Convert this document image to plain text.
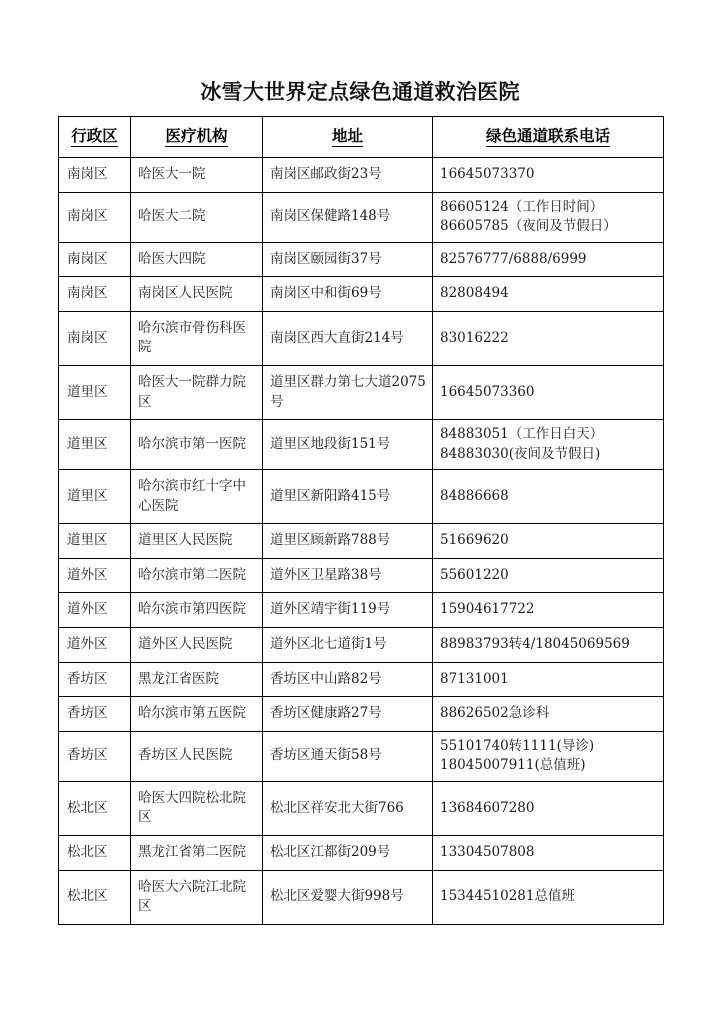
冰雪大世界定点绿色通道救治医院
行政区	医疗机构	地址	绿色通道联系电话

南岗区	哈医大一院	南岗区邮政街23号	16645073370

南岗区	哈医大二院	南岗区保健路148号	86605124（工作日时间）
86605785（夜间及节假日）

南岗区	哈医大四院	南岗区颐园街37号	82576777/6888/6999

南岗区	南岗区人民医院	南岗区中和街69号	82808494

南岗区	哈尔滨市骨伤科医院	南岗区西大直街214号	83016222

道里区	哈医大一院群力院区	道里区群力第七大道2075号	16645073360

道里区	哈尔滨市第一医院	道里区地段街151号	84883051（工作日白天）
84883030(夜间及节假日)

道里区	哈尔滨市红十字中心医院	道里区新阳路415号	84886668

道里区	道里区人民医院	道里区顾新路788号	51669620

道外区	哈尔滨市第二医院	道外区卫星路38号	55601220

道外区	哈尔滨市第四医院	道外区靖宇街119号	15904617722

道外区	道外区人民医院	道外区北七道街1号	88983793转4/18045069569

香坊区	黑龙江省医院	香坊区中山路82号	87131001

香坊区	哈尔滨市第五医院	香坊区健康路27号	88626502急诊科

香坊区	香坊区人民医院	香坊区通天街58号	55101740转1111(导诊)
18045007911(总值班)

松北区	哈医大四院松北院区	松北区祥安北大街766	13684607280

松北区	黑龙江省第二医院	松北区江都街209号	13304507808

松北区	哈医大六院江北院区	松北区爱婴大街998号	15344510281总值班
